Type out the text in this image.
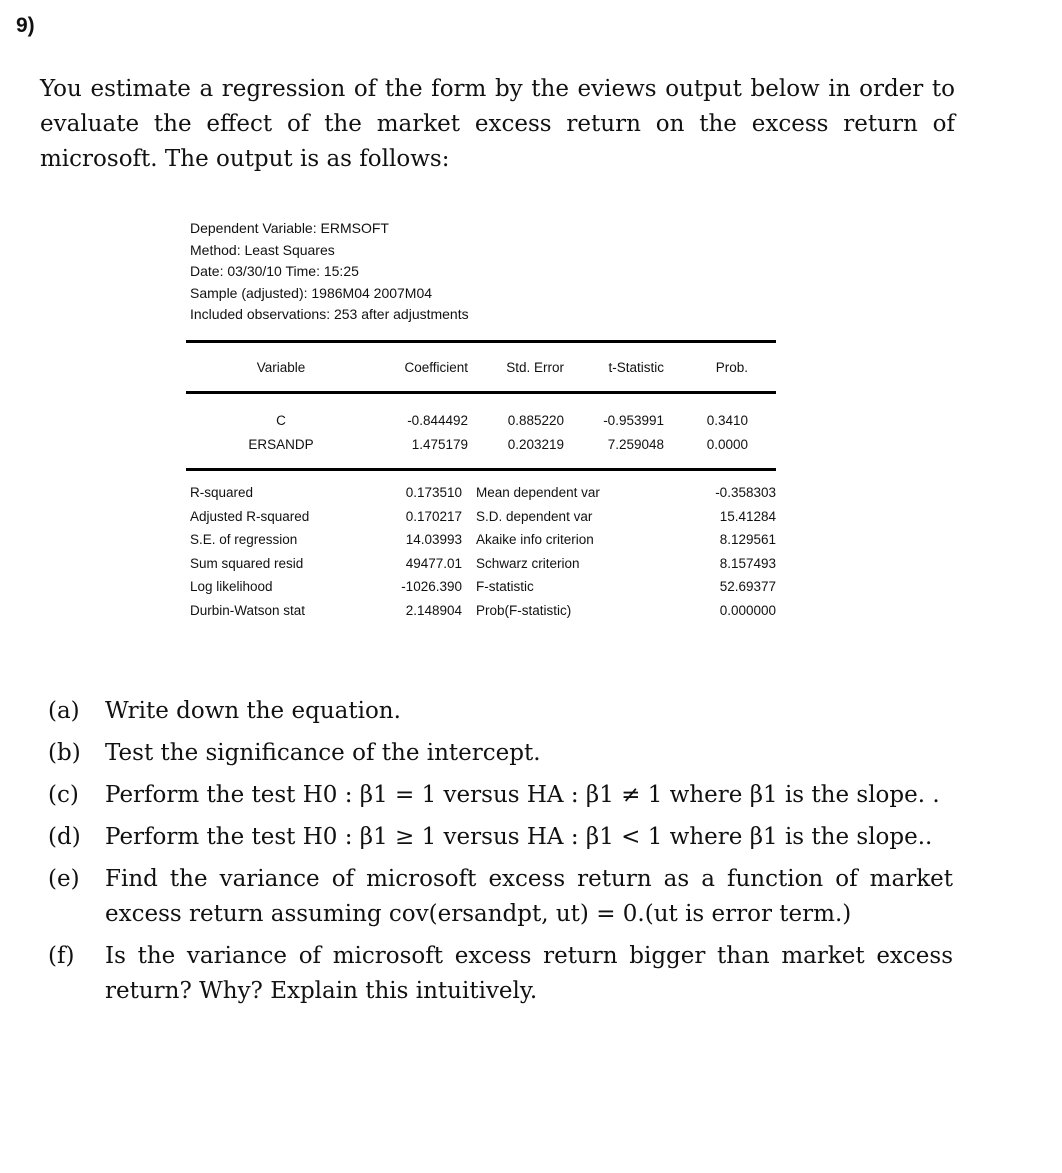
9)
You estimate a regression of the form by the eviews output below in order to evaluate the effect of the market excess return on the excess return of microsoft. The output is as follows:
Dependent Variable: ERMSOFT
Method: Least Squares
Date: 03/30/10 Time: 15:25
Sample (adjusted): 1986M04 2007M04
Included observations: 253 after adjustments
Variable	Coefficient	Std. Error	t-Statistic	Prob.
C	-0.844492	0.885220	-0.953991	0.3410
ERSANDP	1.475179	0.203219	7.259048	0.0000
R-squared	0.173510	Mean dependent var	-0.358303
Adjusted R-squared	0.170217	S.D. dependent var	15.41284
S.E. of regression	14.03993	Akaike info criterion	8.129561
Sum squared resid	49477.01	Schwarz criterion	8.157493
Log likelihood	-1026.390	F-statistic	52.69377
Durbin-Watson stat	2.148904	Prob(F-statistic)	0.000000
(a)	Write down the equation.
(b)	Test the significance of the intercept.
(c)	Perform the test H0 : β1 = 1 versus HA : β1 ≠ 1 where β1 is the slope. .
(d)	Perform the test H0 : β1 ≥ 1 versus HA : β1 < 1 where β1 is the slope..
(e)	Find the variance of microsoft excess return as a function of market excess return assuming cov(ersandpt, ut) = 0.(ut is error term.)
(f)	Is the variance of microsoft excess return bigger than market excess return? Why? Explain this intuitively.
